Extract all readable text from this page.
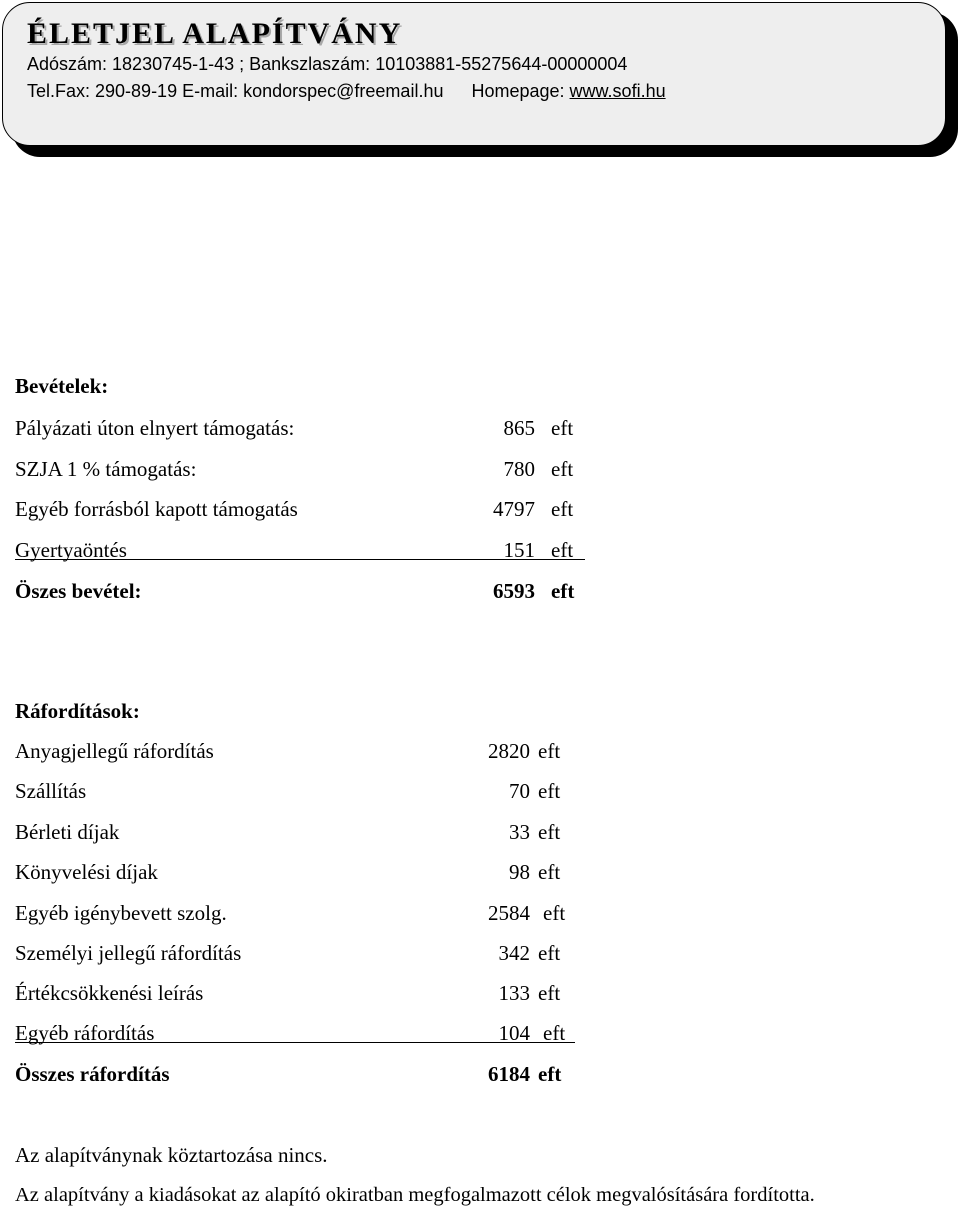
ÉLETJEL ALAPÍTVÁNY
Adószám: 18230745-1-43 ; Bankszlaszám: 10103881-55275644-00000004
Tel.Fax: 290-89-19 E-mail: kondorspec@freemail.hu Homepage: www.sofi.hu
Bevételek:
Pályázati úton elnyert támogatás:	865 eft
SZJA 1 % támogatás:	780 eft
Egyéb forrásból kapott támogatás	4797 eft
Gyertyaöntés	151 eft
Öszes bevétel:	6593 eft
Ráfordítások:
Anyagjellegű ráfordítás	2820 eft
Szállítás	70 eft
Bérleti díjak	33 eft
Könyvelési díjak	98 eft
Egyéb igénybevett szolg.	2584 eft
Személyi jellegű ráfordítás	342 eft
Értékcsökkenési leírás	133 eft
Egyéb ráfordítás	104 eft
Összes ráfordítás	6184 eft
Az alapítványnak köztartozása nincs.
Az alapítvány a kiadásokat az alapító okiratban megfogalmazott célok megvalósítására fordította.
